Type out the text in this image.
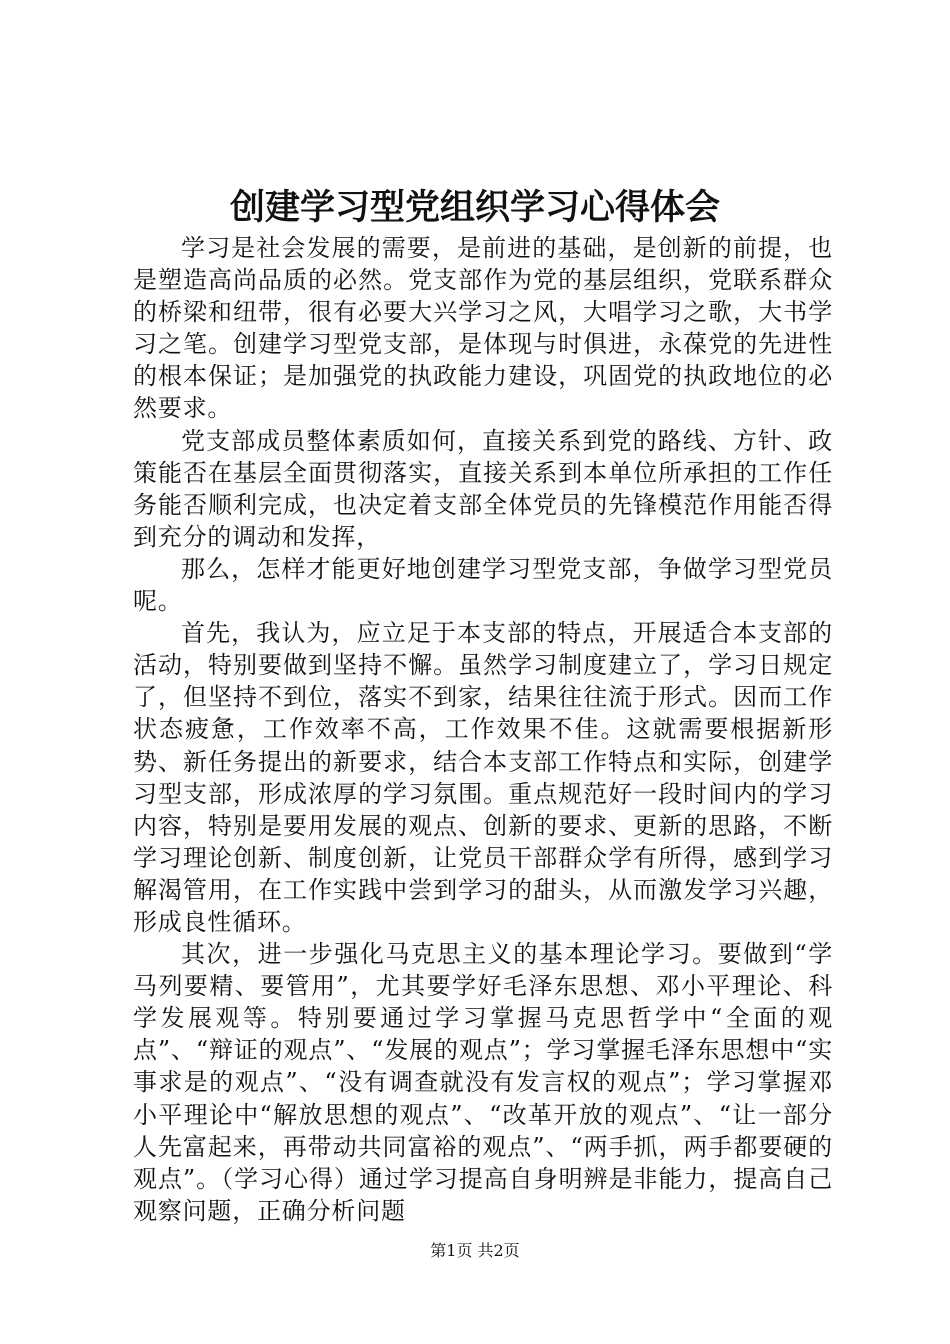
创建学习型党组织学习心得体会

学习是社会发展的需要，是前进的基础，是创新的前提，也是塑造高尚品质的必然。党支部作为党的基层组织，党联系群众的桥梁和纽带，很有必要大兴学习之风，大唱学习之歌，大书学习之笔。创建学习型党支部，是体现与时俱进，永葆党的先进性的根本保证；是加强党的执政能力建设，巩固党的执政地位的必然要求。

党支部成员整体素质如何，直接关系到党的路线、方针、政策能否在基层全面贯彻落实，直接关系到本单位所承担的工作任务能否顺利完成，也决定着支部全体党员的先锋模范作用能否得到充分的调动和发挥，

那么，怎样才能更好地创建学习型党支部，争做学习型党员呢。

首先，我认为，应立足于本支部的特点，开展适合本支部的活动，特别要做到坚持不懈。虽然学习制度建立了，学习日规定了，但坚持不到位，落实不到家，结果往往流于形式。因而工作状态疲惫，工作效率不高，工作效果不佳。这就需要根据新形势、新任务提出的新要求，结合本支部工作特点和实际，创建学习型支部，形成浓厚的学习氛围。重点规范好一段时间内的学习内容，特别是要用发展的观点、创新的要求、更新的思路，不断学习理论创新、制度创新，让党员干部群众学有所得，感到学习解渴管用，在工作实践中尝到学习的甜头，从而激发学习兴趣，形成良性循环。

其次，进一步强化马克思主义的基本理论学习。要做到“学马列要精、要管用”，尤其要学好毛泽东思想、邓小平理论、科学发展观等。特别要通过学习掌握马克思哲学中“全面的观点”、“辩证的观点”、“发展的观点”；学习掌握毛泽东思想中“实事求是的观点”、“没有调查就没有发言权的观点”；学习掌握邓小平理论中“解放思想的观点”、“改革开放的观点”、“让一部分人先富起来，再带动共同富裕的观点”、“两手抓，两手都要硬的观点”。（学习心得）通过学习提高自身明辨是非能力，提高自己观察问题，正确分析问题

第1页 共2页
